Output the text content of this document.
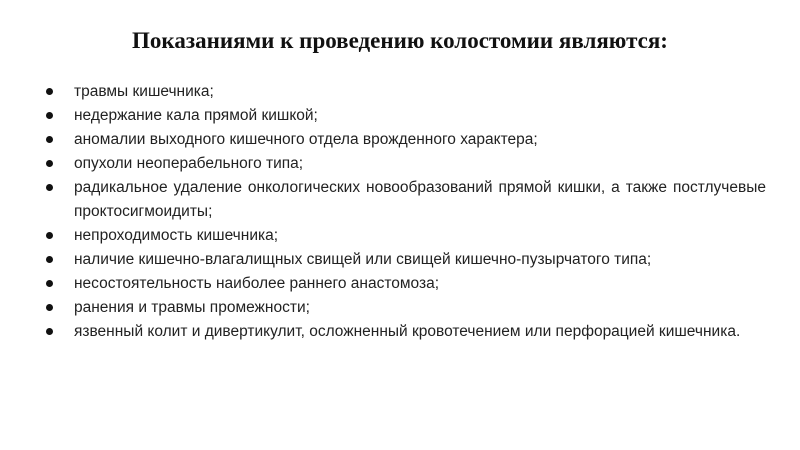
Показаниями к проведению колостомии являются:
травмы кишечника;
недержание кала прямой кишкой;
аномалии выходного кишечного отдела врожденного характера;
опухоли неоперабельного типа;
радикальное удаление онкологических новообразований прямой кишки, а также постлучевые проктосигмоидиты;
непроходимость кишечника;
наличие кишечно-влагалищных свищей или свищей кишечно-пузырчатого типа;
несостоятельность наиболее раннего анастомоза;
ранения и травмы промежности;
язвенный колит и дивертикулит, осложненный кровотечением или перфорацией кишечника.
